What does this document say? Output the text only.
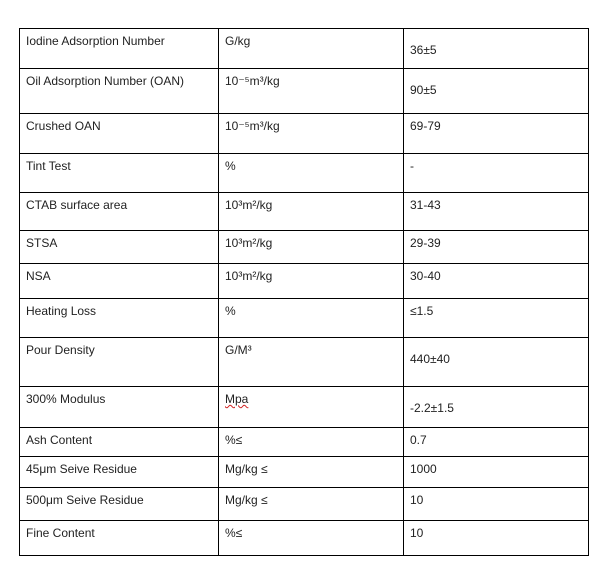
Iodine Adsorption Number	G/kg	36±5

Oil Adsorption Number (OAN)	10⁻⁵m³/kg	90±5

Crushed OAN	10⁻⁵m³/kg	69-79
Tint Test	%	-
CTAB surface area	10³m²/kg	31-43
STSA	10³m²/kg	29-39
NSA	10³m²/kg	30-40
Heating Loss	%	≤1.5
Pour Density	G/M³	440±40

300% Modulus	Mpa	-2.2±1.5

Ash Content	%≤	0.7
45μm Seive Residue	Mg/kg ≤	1000
500μm Seive Residue	Mg/kg ≤	10
Fine Content	%≤	10
